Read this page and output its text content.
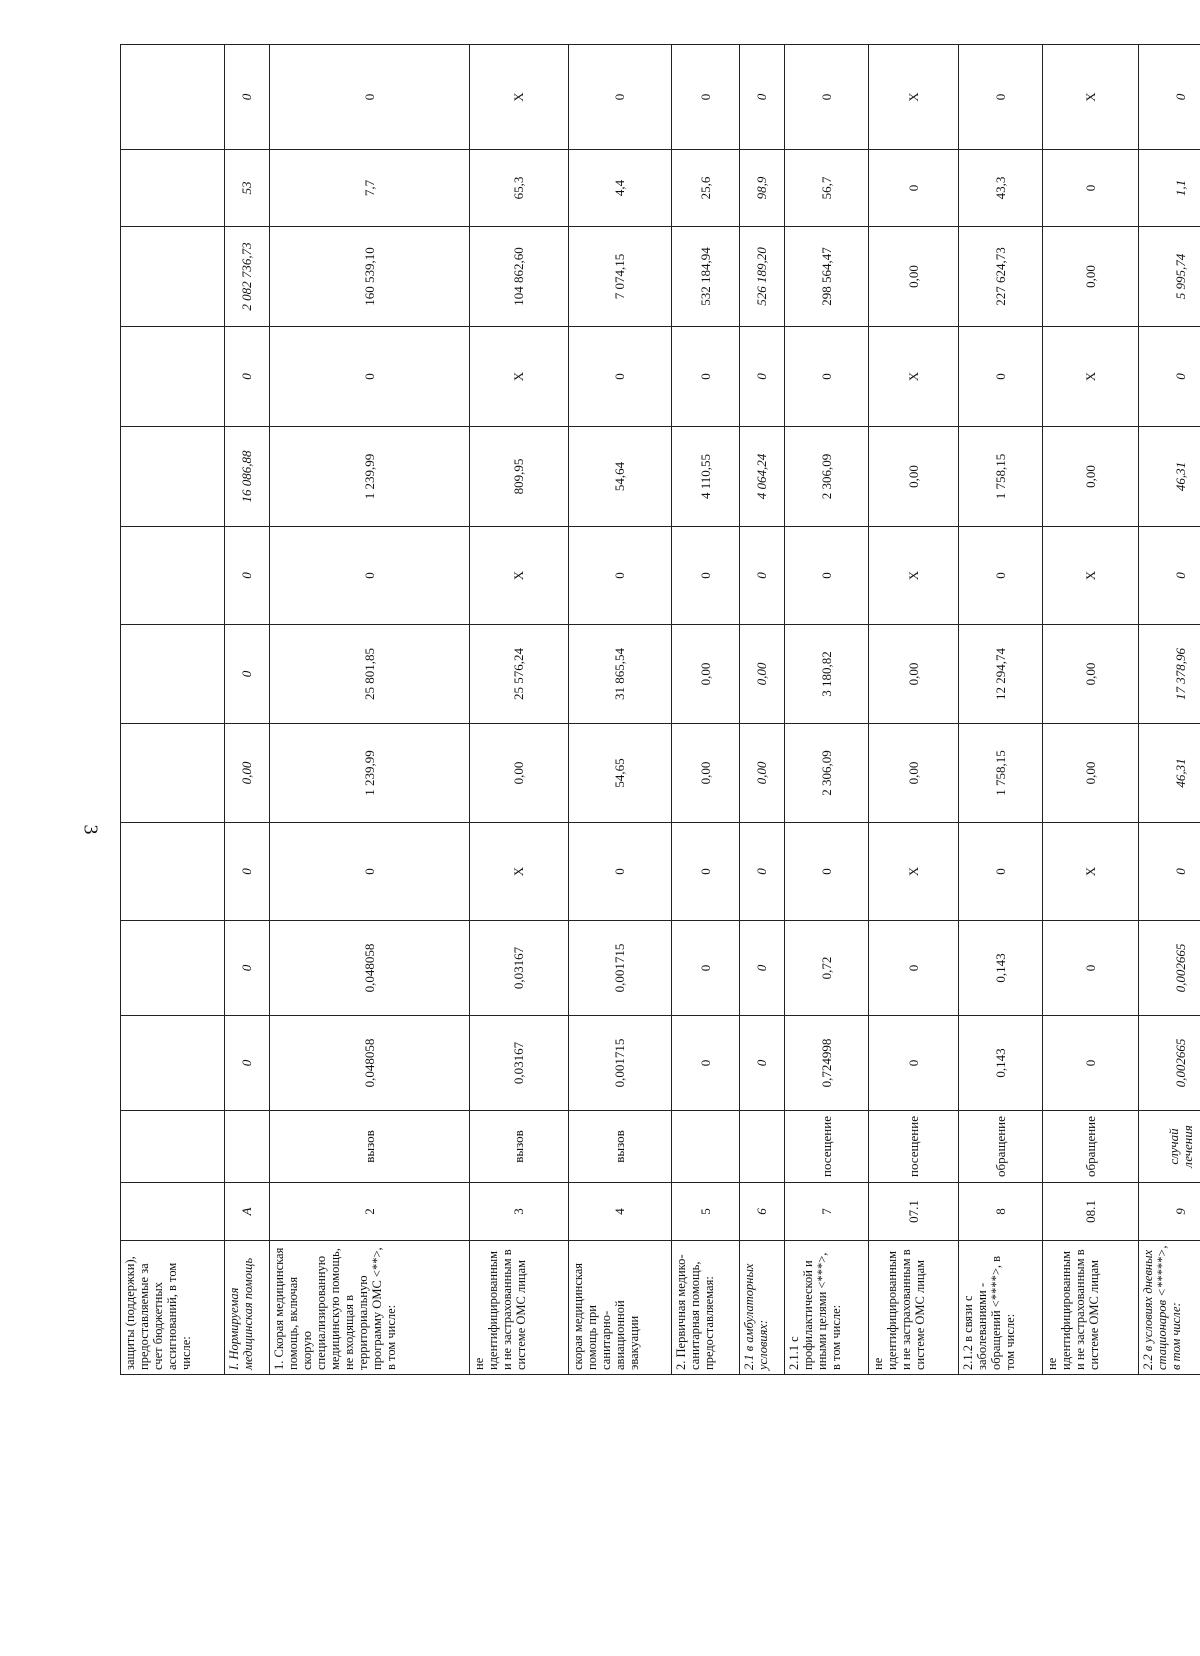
3
защиты (поддержки), предоставляемые за счет бюджетных ассигнований, в том числе:														
I. Нормируемая медицинская помощь	А		0	0	0	0,00	0	0	16 086,88	0	2 082 736,73	53	0	
1. Скорая медицинская помощь, включая скорую специализированную медицинскую помощь, не входящая в территориальную программу ОМС <**>, в том числе:	2	вызов	0,048058	0,048058	0	1 239,99	25 801,85	0	1 239,99	0	160 539,10	7,7	0	
не идентифицированным и не застрахованным в системе ОМС лицам	3	вызов	0,03167	0,03167	Х	0,00	25 576,24	Х	809,95	Х	104 862,60	65,3	Х	
скорая медицинская помощь при санитарно-авиационной эвакуации	4	вызов	0,001715	0,001715	0	54,65	31 865,54	0	54,64	0	7 074,15	4,4	0	
2. Первичная медико-санитарная помощь, предоставляемая:	5		0	0	0	0,00	0,00	0	4 110,55	0	532 184,94	25,6	0	
2.1 в амбулаторных условиях:	6		0	0	0	0,00	0,00	0	4 064,24	0	526 189,20	98,9	0	
2.1.1 с профилактической и иными целями <***>, в том числе:	7	посещение	0,724998	0,72	0	2 306,09	3 180,82	0	2 306,09	0	298 564,47	56,7	0	
не идентифицированным и не застрахованным в системе ОМС лицам	07.1	посещение	0	0	Х	0,00	0,00	Х	0,00	Х	0,00	0	Х	
2.1.2 в связи с заболеваниями - обращений <****>, в том числе:	8	обращение	0,143	0,143	0	1 758,15	12 294,74	0	1 758,15	0	227 624,73	43,3	0	
не идентифицированным и не застрахованным в системе ОМС лицам	08.1	обращение	0	0	Х	0,00	0,00	Х	0,00	Х	0,00	0	Х	
2.2 в условиях дневных стационаров <*****>, в том числе:	9	случай лечения	0,002665	0,002665	0	46,31	17 378,96	0	46,31	0	5 995,74	1,1	0	
